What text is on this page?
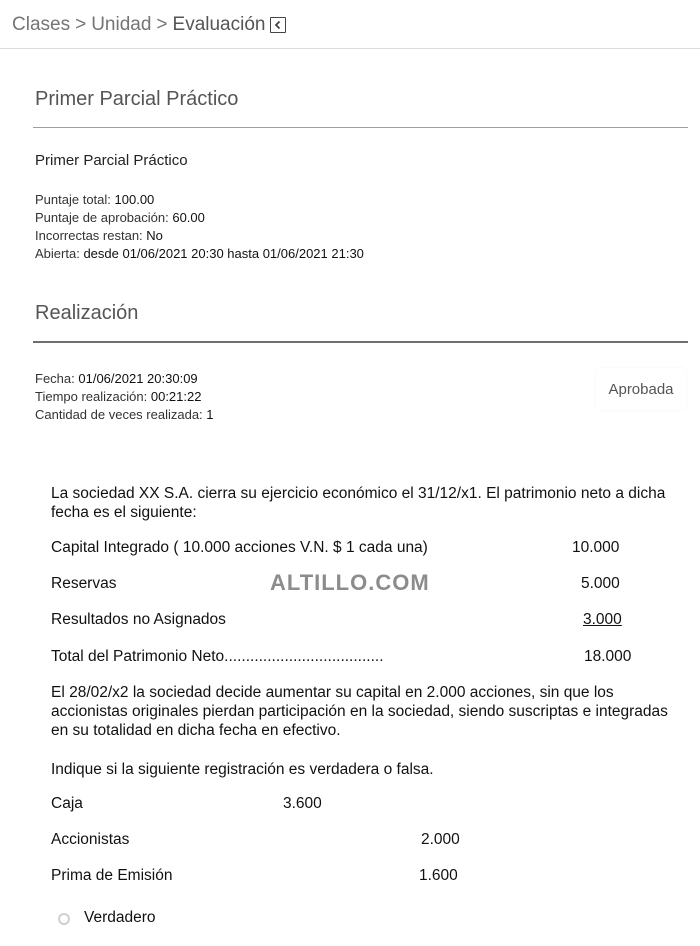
Clases > Unidad > Evaluación
Primer Parcial Práctico
Primer Parcial Práctico
Puntaje total: 100.00
Puntaje de aprobación: 60.00
Incorrectas restan: No
Abierta: desde 01/06/2021 20:30 hasta 01/06/2021 21:30
Realización
Fecha: 01/06/2021 20:30:09
Tiempo realización: 00:21:22
Cantidad de veces realizada: 1
Aprobada

La sociedad XX S.A. cierra su ejercicio económico el 31/12/x1. El patrimonio neto a dicha fecha es el siguiente:

Capital Integrado ( 10.000 acciones V.N. $ 1 cada una)	10.000
Reservas	5.000
Resultados no Asignados	3.000
Total del Patrimonio Neto.....................................	18.000

El 28/02/x2 la sociedad decide aumentar su capital en 2.000 acciones, sin que los accionistas originales pierdan participación en la sociedad, siendo suscriptas e integradas en su totalidad en dicha fecha en efectivo.

Indique si la siguiente registración es verdadera o falsa.

Caja	3.600
Accionistas	2.000
Prima de Emisión	1.600
ALTILLO.COM
Verdadero
